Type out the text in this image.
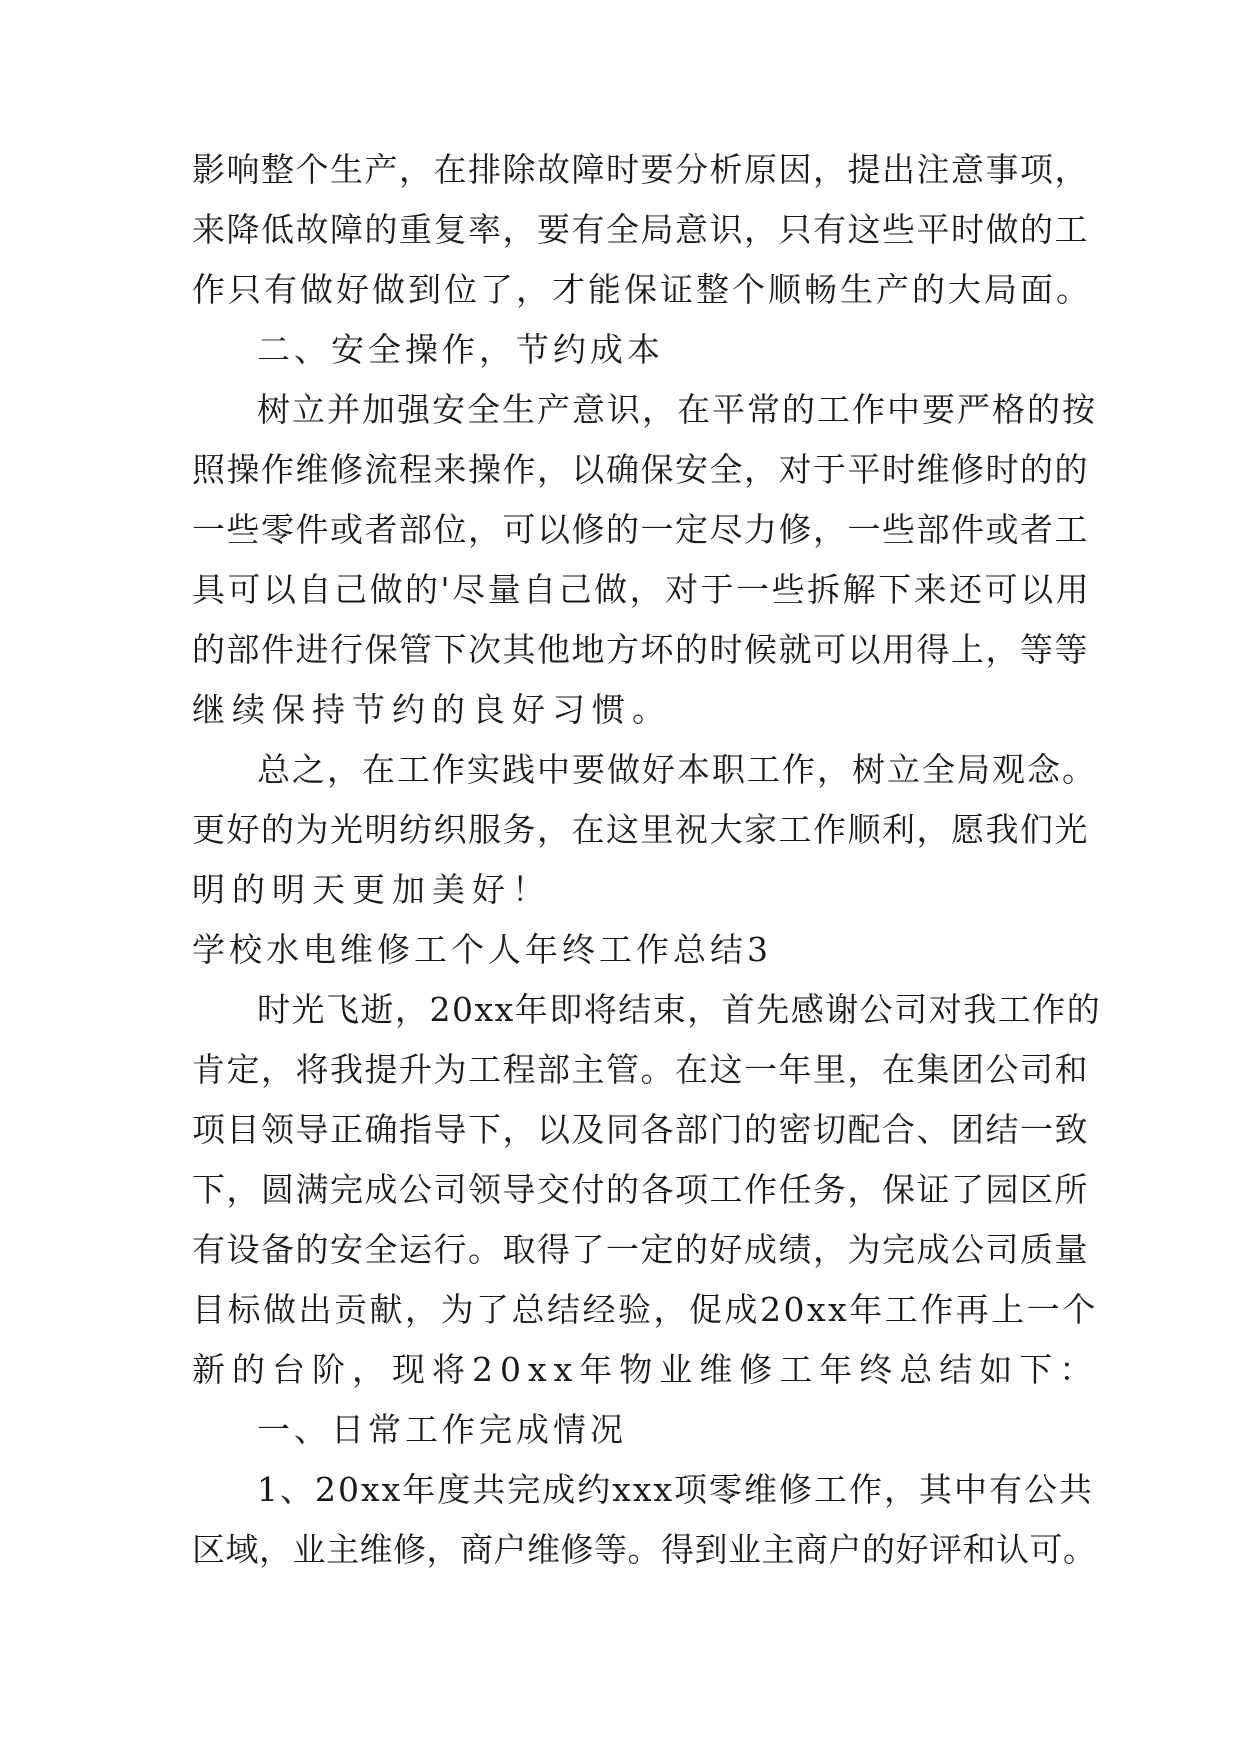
影响整个生产，在排除故障时要分析原因，提出注意事项，
来降低故障的重复率，要有全局意识，只有这些平时做的工
作只有做好做到位了，才能保证整个顺畅生产的大局面。
二、安全操作，节约成本
树立并加强安全生产意识，在平常的工作中要严格的按
照操作维修流程来操作，以确保安全，对于平时维修时的的
一些零件或者部位，可以修的一定尽力修，一些部件或者工
具可以自己做的'尽量自己做，对于一些拆解下来还可以用
的部件进行保管下次其他地方坏的时候就可以用得上，等等
继续保持节约的良好习惯。
总之，在工作实践中要做好本职工作，树立全局观念。
更好的为光明纺织服务，在这里祝大家工作顺利，愿我们光
明的明天更加美好！
学校水电维修工个人年终工作总结3
时光飞逝，20xx年即将结束，首先感谢公司对我工作的
肯定，将我提升为工程部主管。在这一年里，在集团公司和
项目领导正确指导下，以及同各部门的密切配合、团结一致
下，圆满完成公司领导交付的各项工作任务，保证了园区所
有设备的安全运行。取得了一定的好成绩，为完成公司质量
目标做出贡献，为了总结经验，促成20xx年工作再上一个
新的台阶，现将20xx年物业维修工年终总结如下：
一、日常工作完成情况
1、20xx年度共完成约xxx项零维修工作，其中有公共
区域，业主维修，商户维修等。得到业主商户的好评和认可。
